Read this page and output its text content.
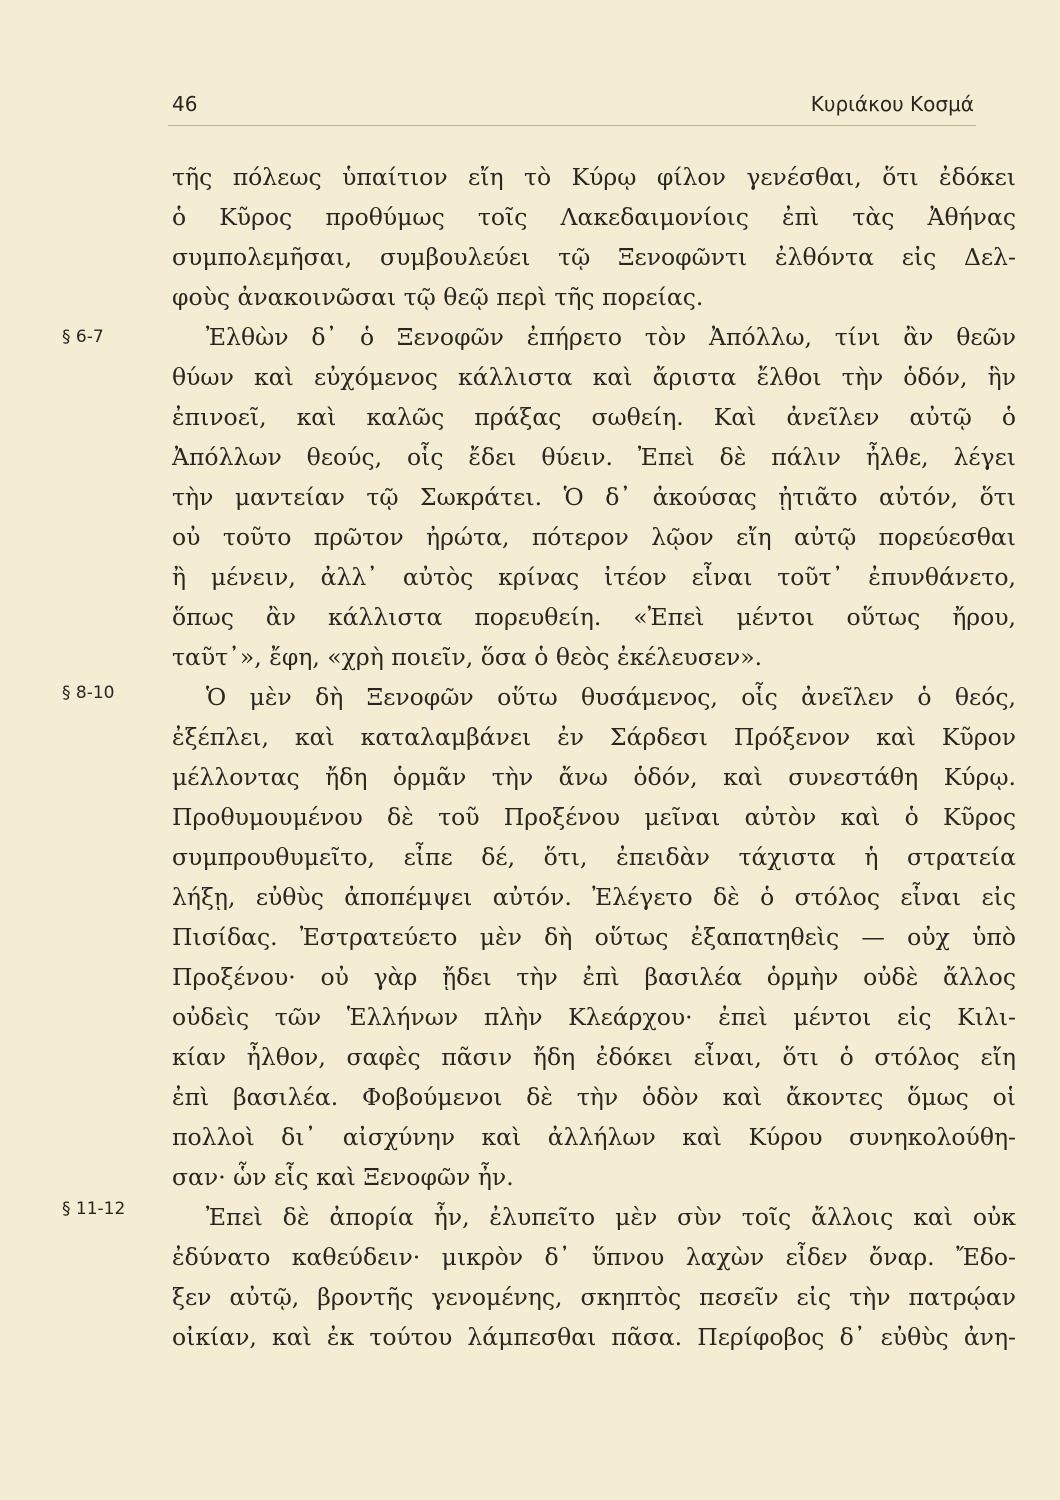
46	Κυριάκου Κοσμά
§ 6-7
§ 8-10
§ 11-12
τῆς πόλεως ὑπαίτιον εἴη τὸ Κύρῳ φίλον γενέσθαι, ὅτι ἐδόκει
ὁ Κῦρος προθύμως τοῖς Λακεδαιμονίοις ἐπὶ τὰς Ἀθήνας
συμπολεμῆσαι, συμβουλεύει τῷ Ξενοφῶντι ἐλθόντα εἰς Δελ-
φοὺς ἀνακοινῶσαι τῷ θεῷ περὶ τῆς πορείας.
Ἐλθὼν δ᾽ ὁ Ξενοφῶν ἐπήρετο τὸν Ἀπόλλω, τίνι ἂν θεῶν
θύων καὶ εὐχόμενος κάλλιστα καὶ ἄριστα ἔλθοι τὴν ὁδόν, ἣν
ἐπινοεῖ, καὶ καλῶς πράξας σωθείη. Καὶ ἀνεῖλεν αὐτῷ ὁ
Ἀπόλλων θεούς, οἷς ἔδει θύειν. Ἐπεὶ δὲ πάλιν ἦλθε, λέγει
τὴν μαντείαν τῷ Σωκράτει. Ὁ δ᾽ ἀκούσας ᾐτιᾶτο αὐτόν, ὅτι
οὐ τοῦτο πρῶτον ἠρώτα, πότερον λῷον εἴη αὐτῷ πορεύεσθαι
ἢ μένειν, ἀλλ᾽ αὐτὸς κρίνας ἰτέον εἶναι τοῦτ᾽ ἐπυνθάνετο,
ὅπως ἂν κάλλιστα πορευθείη. «Ἐπεὶ μέντοι οὕτως ἤρου,
ταῦτ᾽», ἔφη, «χρὴ ποιεῖν, ὅσα ὁ θεὸς ἐκέλευσεν».
Ὁ μὲν δὴ Ξενοφῶν οὕτω θυσάμενος, οἷς ἀνεῖλεν ὁ θεός,
ἐξέπλει, καὶ καταλαμβάνει ἐν Σάρδεσι Πρόξενον καὶ Κῦρον
μέλλοντας ἤδη ὁρμᾶν τὴν ἄνω ὁδόν, καὶ συνεστάθη Κύρῳ.
Προθυμουμένου δὲ τοῦ Προξένου μεῖναι αὐτὸν καὶ ὁ Κῦρος
συμπρουθυμεῖτο, εἶπε δέ, ὅτι, ἐπειδὰν τάχιστα ἡ στρατεία
λήξῃ, εὐθὺς ἀποπέμψει αὐτόν. Ἐλέγετο δὲ ὁ στόλος εἶναι εἰς
Πισίδας. Ἐστρατεύετο μὲν δὴ οὕτως ἐξαπατηθεὶς — οὐχ ὑπὸ
Προξένου· οὐ γὰρ ᾔδει τὴν ἐπὶ βασιλέα ὁρμὴν οὐδὲ ἄλλος
οὐδεὶς τῶν Ἑλλήνων πλὴν Κλεάρχου· ἐπεὶ μέντοι εἰς Κιλι-
κίαν ἦλθον, σαφὲς πᾶσιν ἤδη ἐδόκει εἶναι, ὅτι ὁ στόλος εἴη
ἐπὶ βασιλέα. Φοβούμενοι δὲ τὴν ὁδὸν καὶ ἄκοντες ὅμως οἱ
πολλοὶ δι᾽ αἰσχύνην καὶ ἀλλήλων καὶ Κύρου συνηκολούθη-
σαν· ὧν εἷς καὶ Ξενοφῶν ἦν.
Ἐπεὶ δὲ ἀπορία ἦν, ἐλυπεῖτο μὲν σὺν τοῖς ἄλλοις καὶ οὐκ
ἐδύνατο καθεύδειν· μικρὸν δ᾽ ὕπνου λαχὼν εἶδεν ὄναρ. Ἔδο-
ξεν αὐτῷ, βροντῆς γενομένης, σκηπτὸς πεσεῖν εἰς τὴν πατρῴαν
οἰκίαν, καὶ ἐκ τούτου λάμπεσθαι πᾶσα. Περίφοβος δ᾽ εὐθὺς ἀνη-
